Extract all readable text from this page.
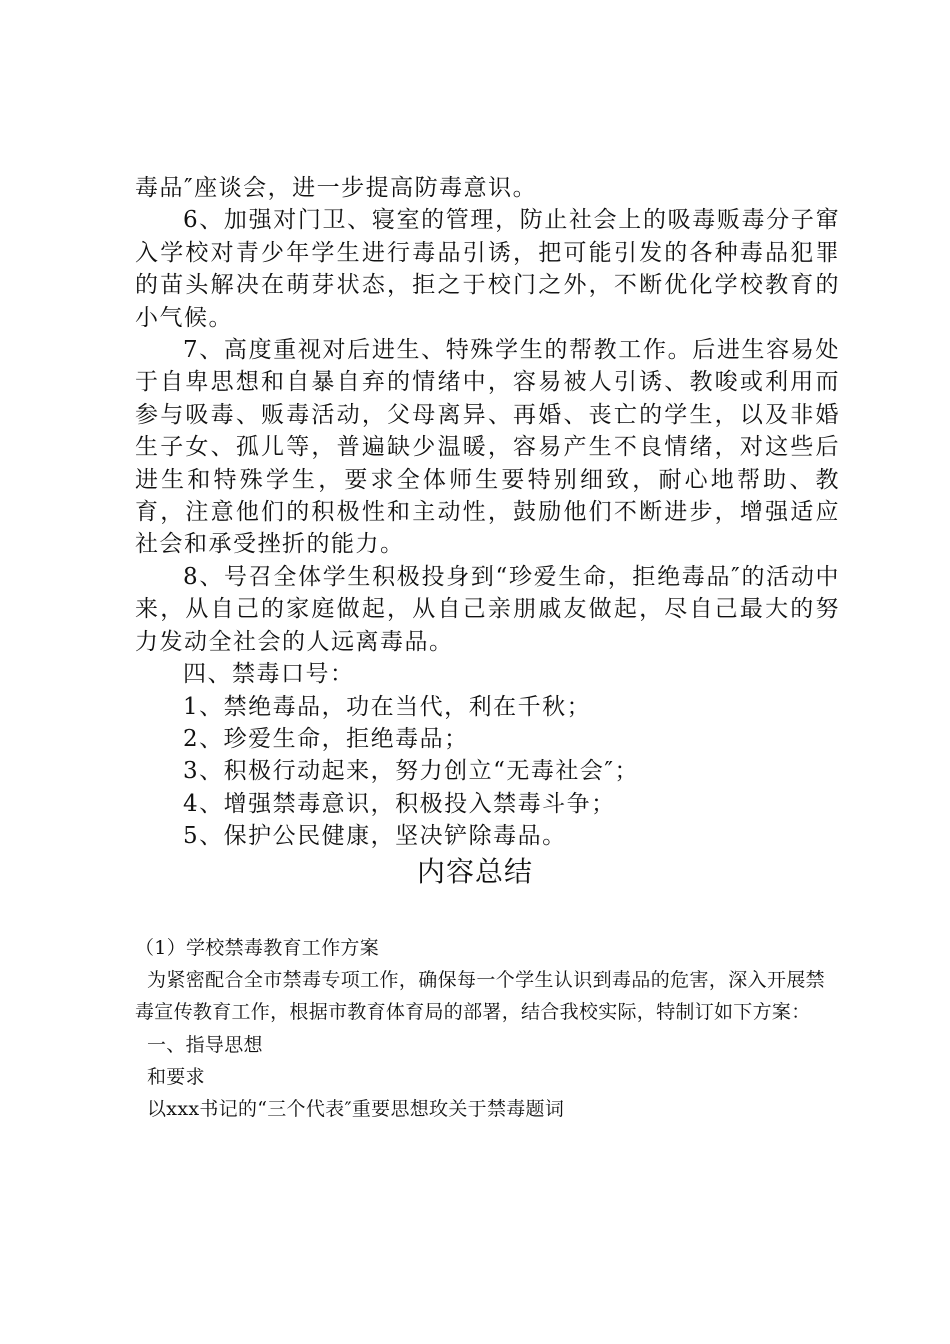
毒品″座谈会，进一步提高防毒意识。

6、加强对门卫、寝室的管理，防止社会上的吸毒贩毒分子窜入学校对青少年学生进行毒品引诱，把可能引发的各种毒品犯罪的苗头解决在萌芽状态，拒之于校门之外，不断优化学校教育的小气候。

7、高度重视对后进生、特殊学生的帮教工作。后进生容易处于自卑思想和自暴自弃的情绪中，容易被人引诱、教唆或利用而参与吸毒、贩毒活动，父母离异、再婚、丧亡的学生，以及非婚生子女、孤儿等，普遍缺少温暖，容易产生不良情绪，对这些后进生和特殊学生，要求全体师生要特别细致，耐心地帮助、教育，注意他们的积极性和主动性，鼓励他们不断进步，增强适应社会和承受挫折的能力。

8、号召全体学生积极投身到“珍爱生命，拒绝毒品″的活动中来，从自己的家庭做起，从自己亲朋戚友做起，尽自己最大的努力发动全社会的人远离毒品。

四、禁毒口号：

1、禁绝毒品，功在当代，利在千秋；

2、珍爱生命，拒绝毒品；

3、积极行动起来，努力创立“无毒社会″；

4、增强禁毒意识，积极投入禁毒斗争；

5、保护公民健康，坚决铲除毒品。

内容总结

（1）学校禁毒教育工作方案

为紧密配合全市禁毒专项工作，确保每一个学生认识到毒品的危害，深入开展禁毒宣传教育工作，根据市教育体育局的部署，结合我校实际，特制订如下方案：

一、指导思想

和要求

以xxx书记的“三个代表″重要思想玫关于禁毒题词
